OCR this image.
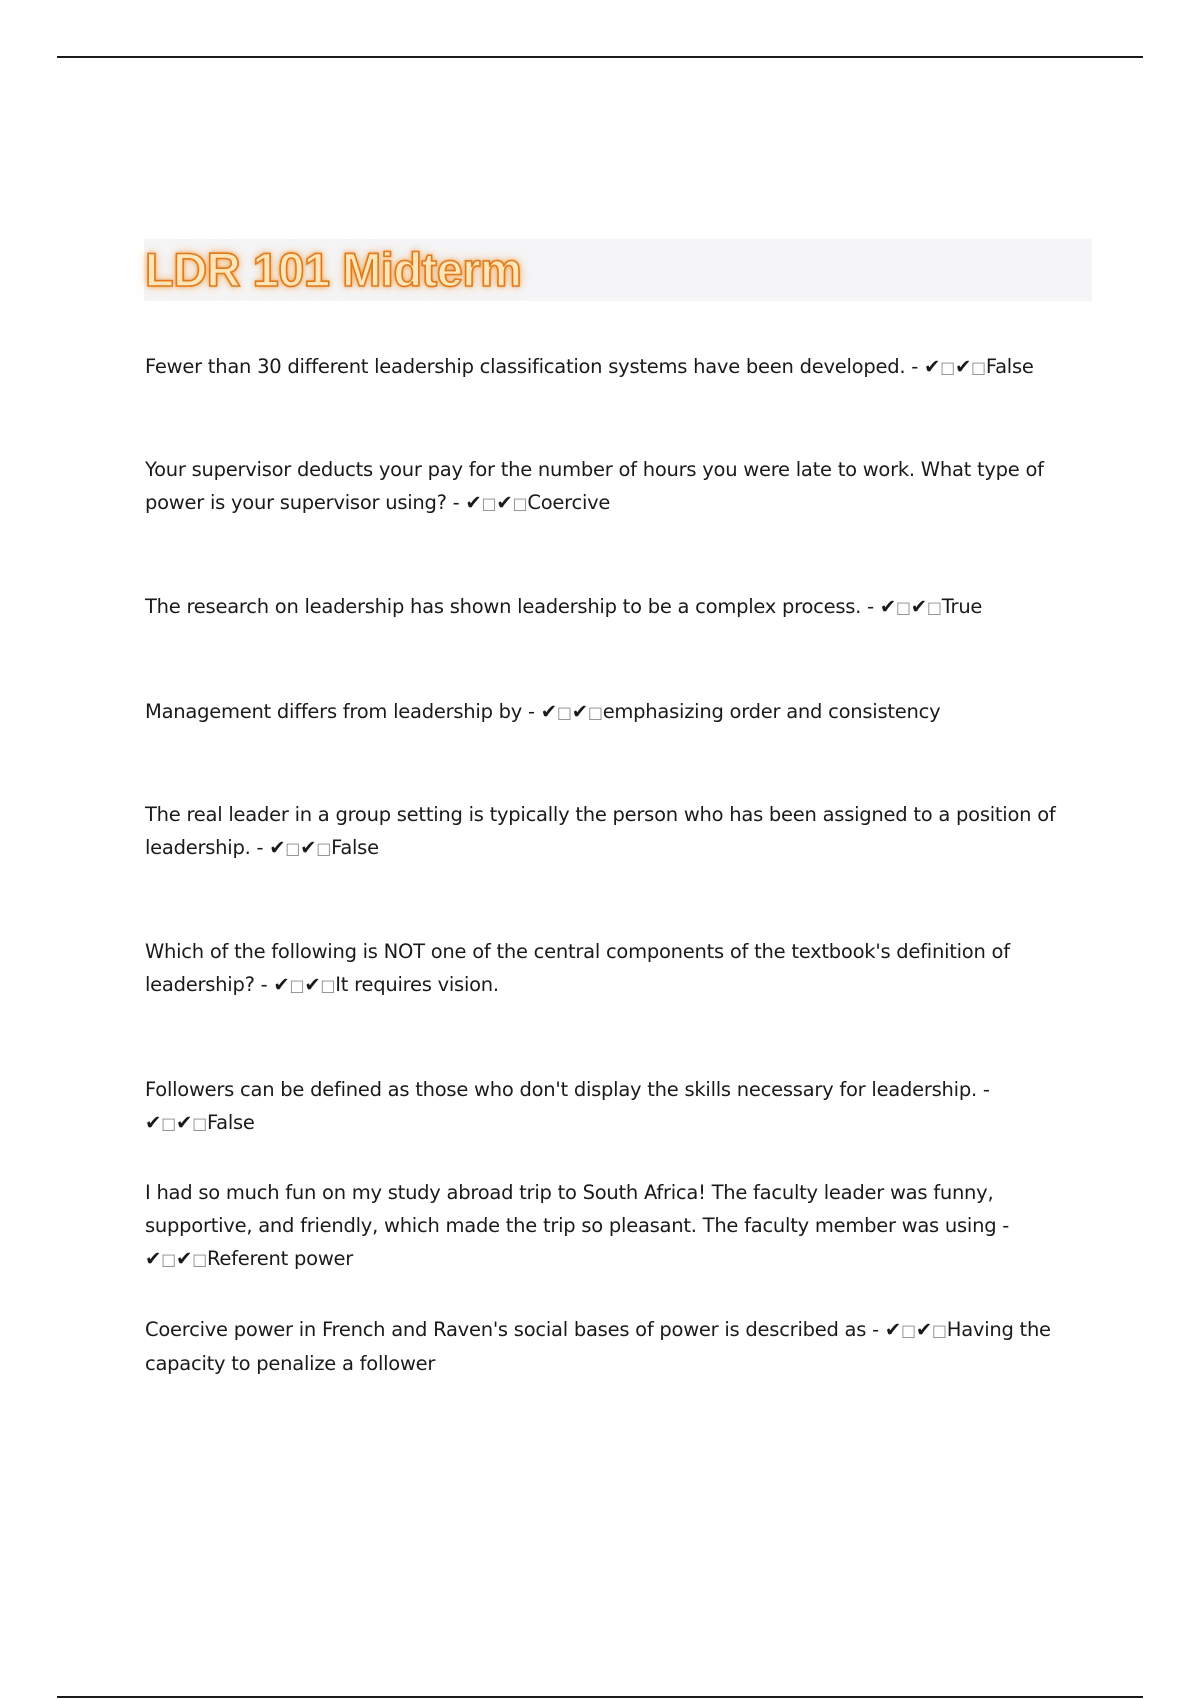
LDR 101 Midterm
Fewer than 30 different leadership classification systems have been developed. - ✔□✔□False
Your supervisor deducts your pay for the number of hours you were late to work. What type of power is your supervisor using? - ✔□✔□Coercive
The research on leadership has shown leadership to be a complex process. - ✔□✔□True
Management differs from leadership by - ✔□✔□emphasizing order and consistency
The real leader in a group setting is typically the person who has been assigned to a position of leadership. - ✔□✔□False
Which of the following is NOT one of the central components of the textbook's definition of leadership? - ✔□✔□It requires vision.
Followers can be defined as those who don't display the skills necessary for leadership. - ✔□✔□False
I had so much fun on my study abroad trip to South Africa! The faculty leader was funny, supportive, and friendly, which made the trip so pleasant. The faculty member was using - ✔□✔□Referent power
Coercive power in French and Raven's social bases of power is described as - ✔□✔□Having the capacity to penalize a follower
